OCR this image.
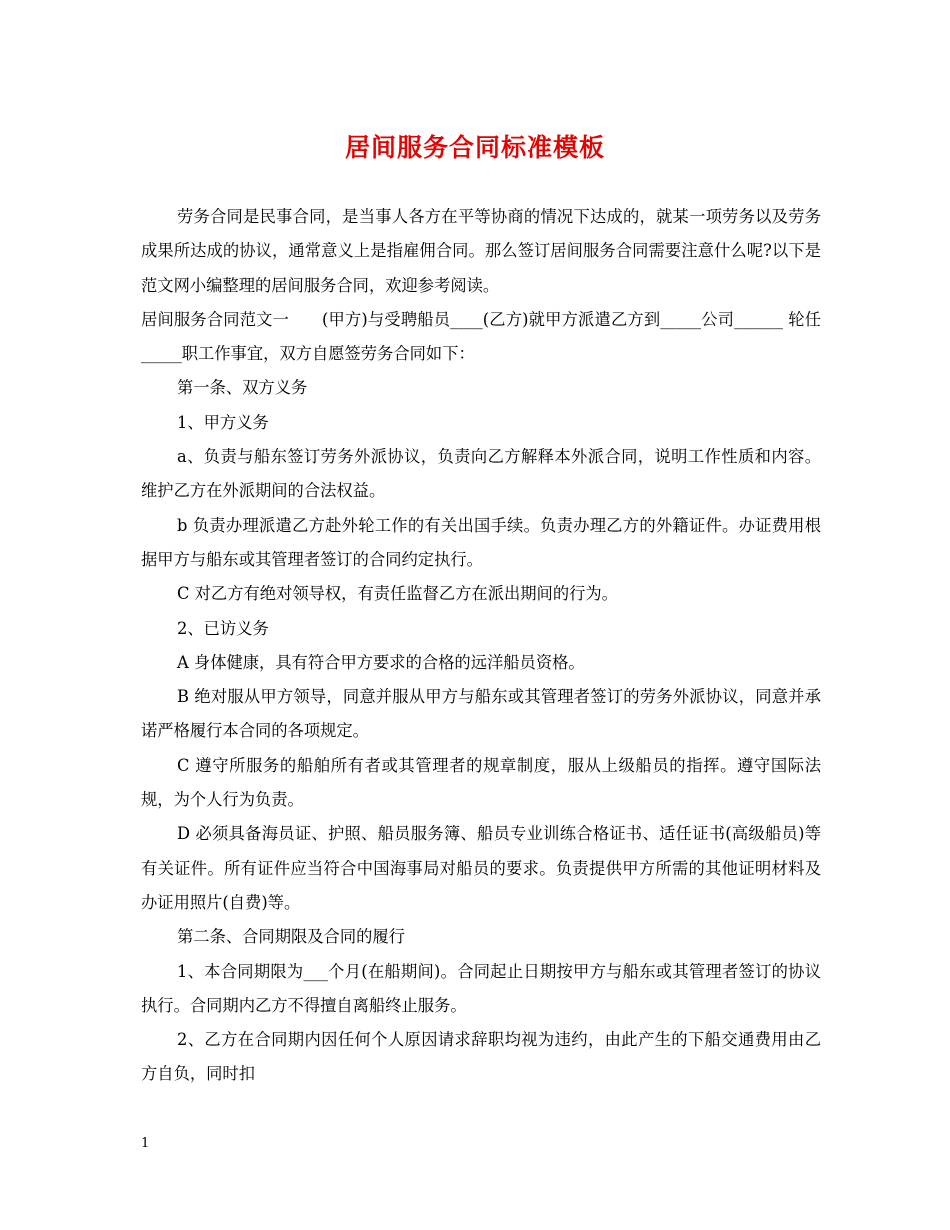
居间服务合同标准模板

劳务合同是民事合同，是当事人各方在平等协商的情况下达成的，就某一项劳务以及劳务成果所达成的协议，通常意义上是指雇佣合同。那么签订居间服务合同需要注意什么呢?以下是范文网小编整理的居间服务合同，欢迎参考阅读。

居间服务合同范文一　　(甲方)与受聘船员____(乙方)就甲方派遣乙方到_____公司______ 轮任_____职工作事宜，双方自愿签劳务合同如下：

第一条、双方义务

1、甲方义务

a、负责与船东签订劳务外派协议，负责向乙方解释本外派合同，说明工作性质和内容。维护乙方在外派期间的合法权益。

b 负责办理派遣乙方赴外轮工作的有关出国手续。负责办理乙方的外籍证件。办证费用根据甲方与船东或其管理者签订的合同约定执行。

C 对乙方有绝对领导权，有责任监督乙方在派出期间的行为。

2、已访义务

A 身体健康，具有符合甲方要求的合格的远洋船员资格。

B 绝对服从甲方领导，同意并服从甲方与船东或其管理者签订的劳务外派协议，同意并承诺严格履行本合同的各项规定。

C 遵守所服务的船舶所有者或其管理者的规章制度，服从上级船员的指挥。遵守国际法规，为个人行为负责。

D 必须具备海员证、护照、船员服务簿、船员专业训练合格证书、适任证书(高级船员)等有关证件。所有证件应当符合中国海事局对船员的要求。负责提供甲方所需的其他证明材料及办证用照片(自费)等。

第二条、合同期限及合同的履行

1、本合同期限为___个月(在船期间)。合同起止日期按甲方与船东或其管理者签订的协议执行。合同期内乙方不得擅自离船终止服务。

2、乙方在合同期内因任何个人原因请求辞职均视为违约，由此产生的下船交通费用由乙方自负，同时扣

1
